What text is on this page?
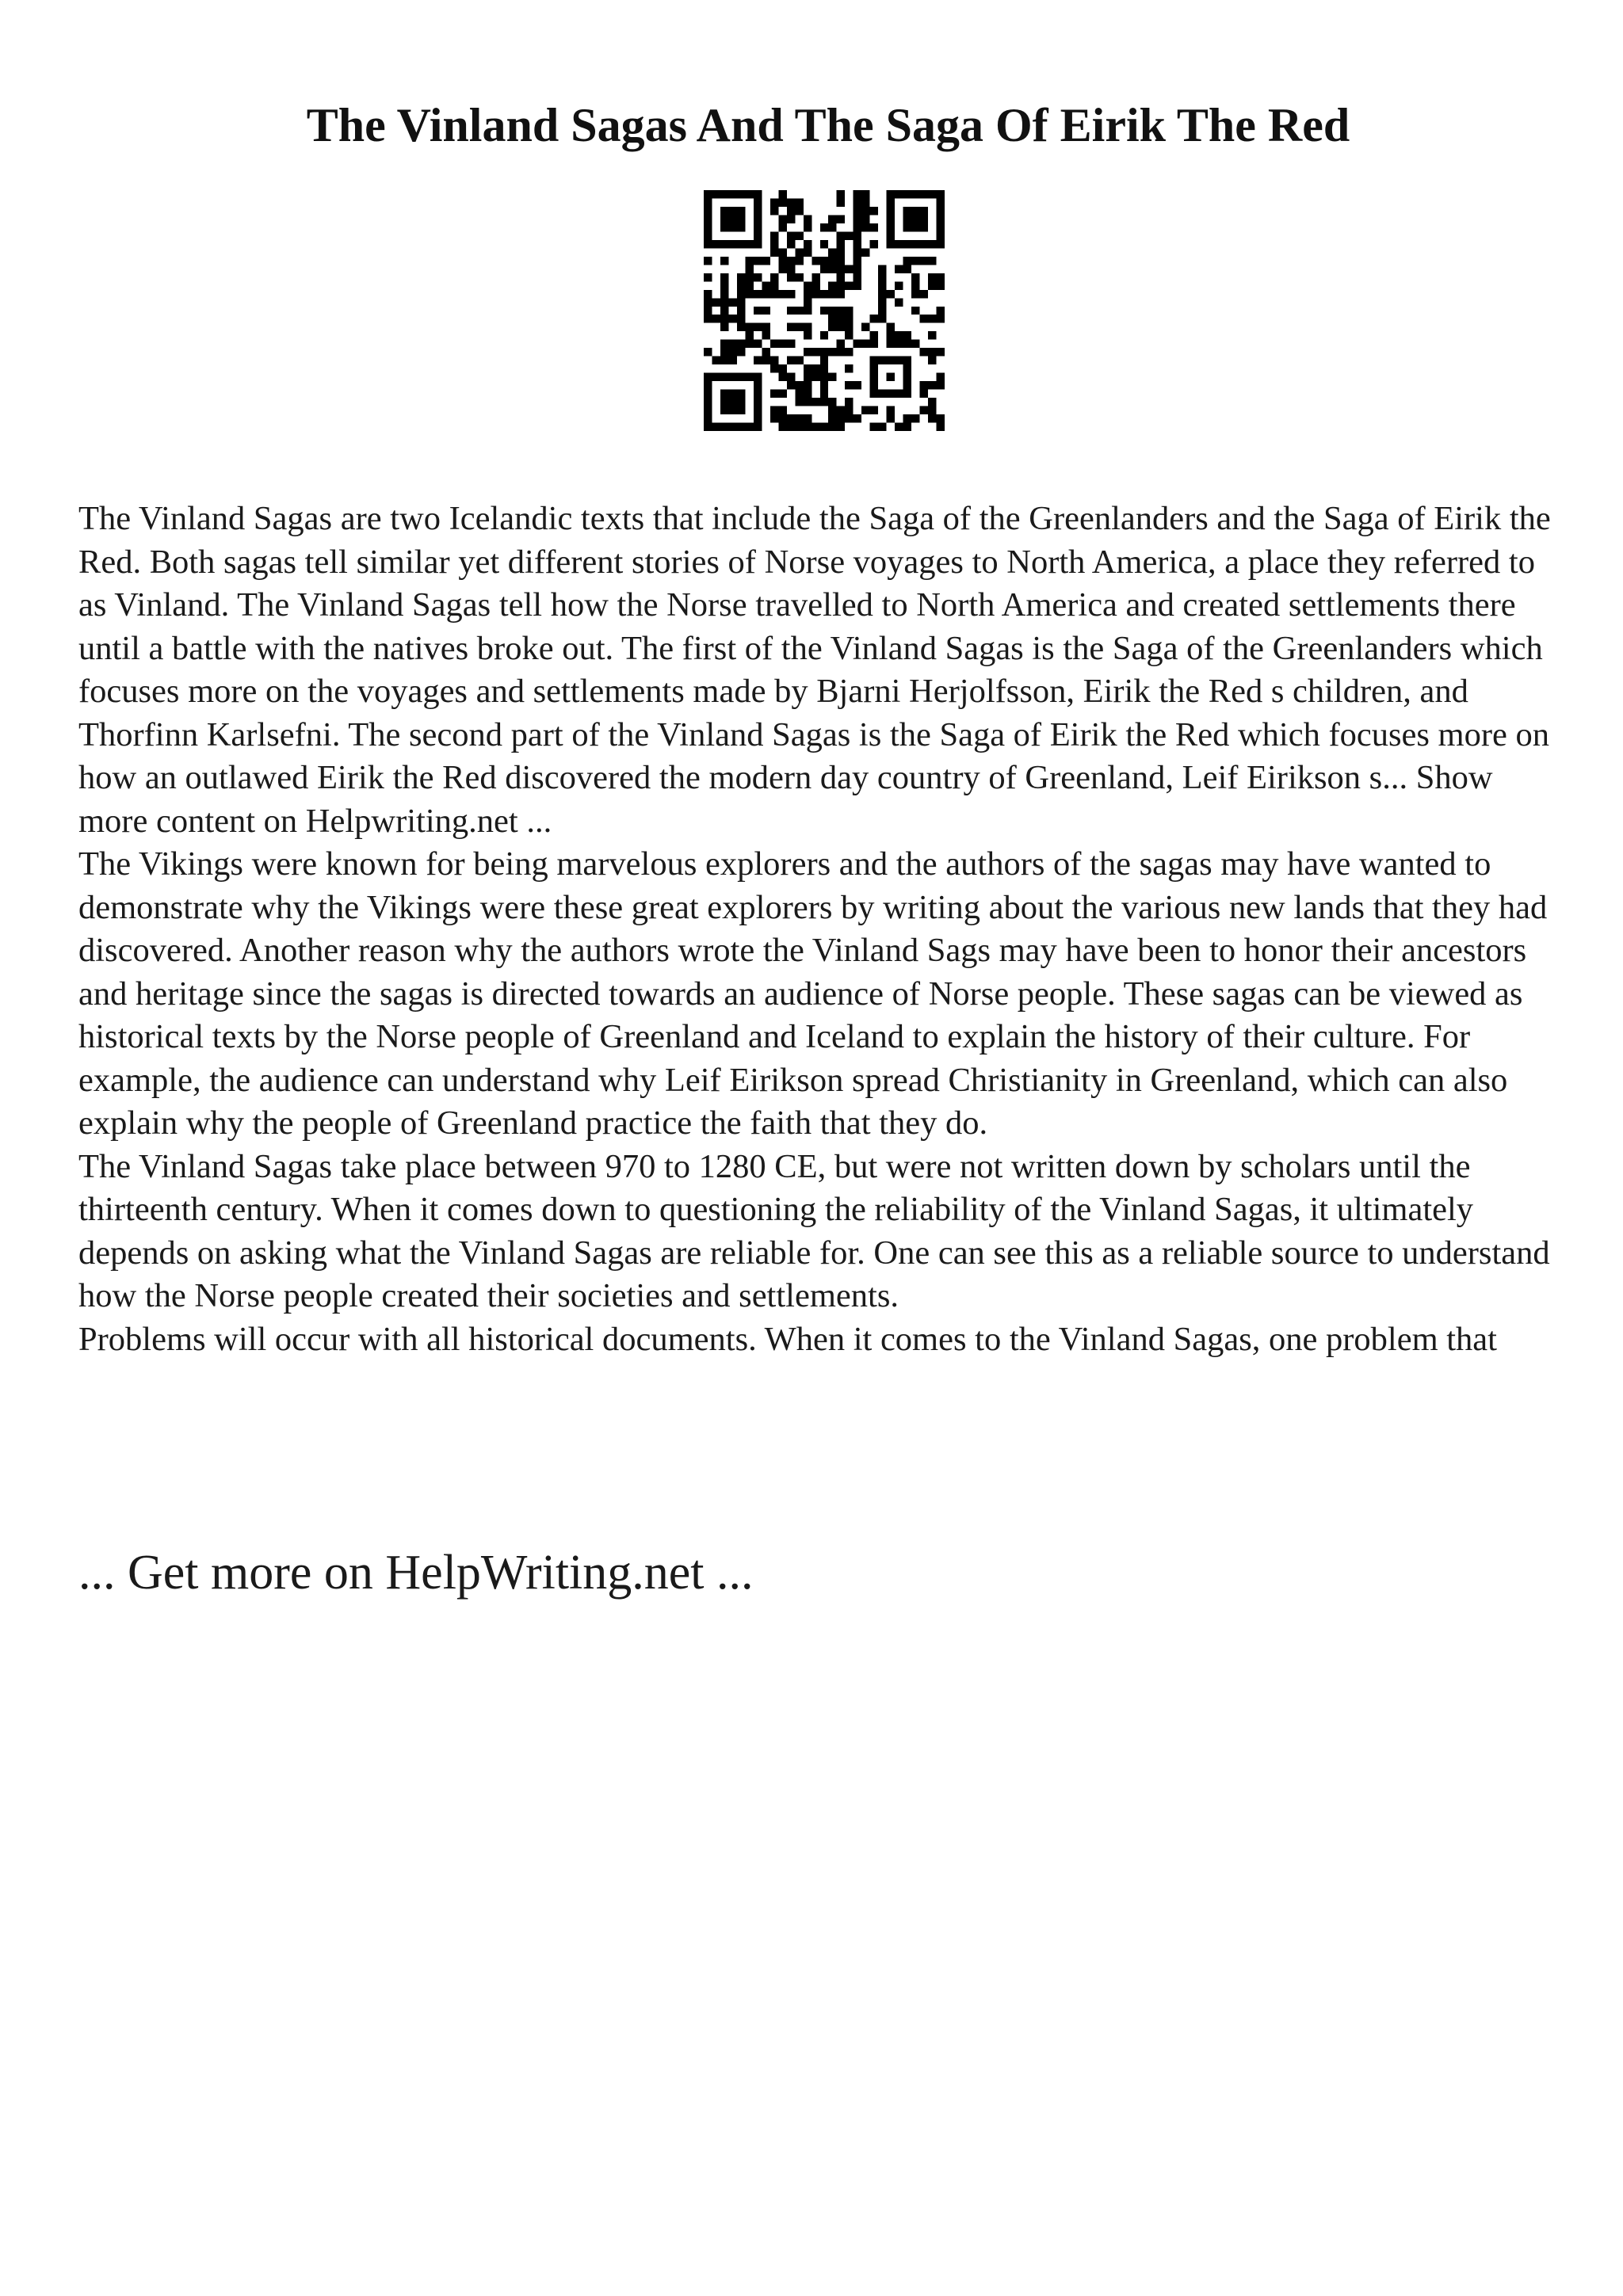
The Vinland Sagas And The Saga Of Eirik The Red

The Vinland Sagas are two Icelandic texts that include the Saga of the Greenlanders and the Saga of Eirik the Red. Both sagas tell similar yet different stories of Norse voyages to North America, a place they referred to as Vinland. The Vinland Sagas tell how the Norse travelled to North America and created settlements there until a battle with the natives broke out. The first of the Vinland Sagas is the Saga of the Greenlanders which focuses more on the voyages and settlements made by Bjarni Herjolfsson, Eirik the Red s children, and Thorfinn Karlsefni. The second part of the Vinland Sagas is the Saga of Eirik the Red which focuses more on how an outlawed Eirik the Red discovered the modern day country of Greenland, Leif Eirikson s... Show more content on Helpwriting.net ...

The Vikings were known for being marvelous explorers and the authors of the sagas may have wanted to demonstrate why the Vikings were these great explorers by writing about the various new lands that they had discovered. Another reason why the authors wrote the Vinland Sags may have been to honor their ancestors and heritage since the sagas is directed towards an audience of Norse people. These sagas can be viewed as historical texts by the Norse people of Greenland and Iceland to explain the history of their culture. For example, the audience can understand why Leif Eirikson spread Christianity in Greenland, which can also explain why the people of Greenland practice the faith that they do.

The Vinland Sagas take place between 970 to 1280 CE, but were not written down by scholars until the thirteenth century. When it comes down to questioning the reliability of the Vinland Sagas, it ultimately depends on asking what the Vinland Sagas are reliable for. One can see this as a reliable source to understand how the Norse people created their societies and settlements.

Problems will occur with all historical documents. When it comes to the Vinland Sagas, one problem that

... Get more on HelpWriting.net ...
